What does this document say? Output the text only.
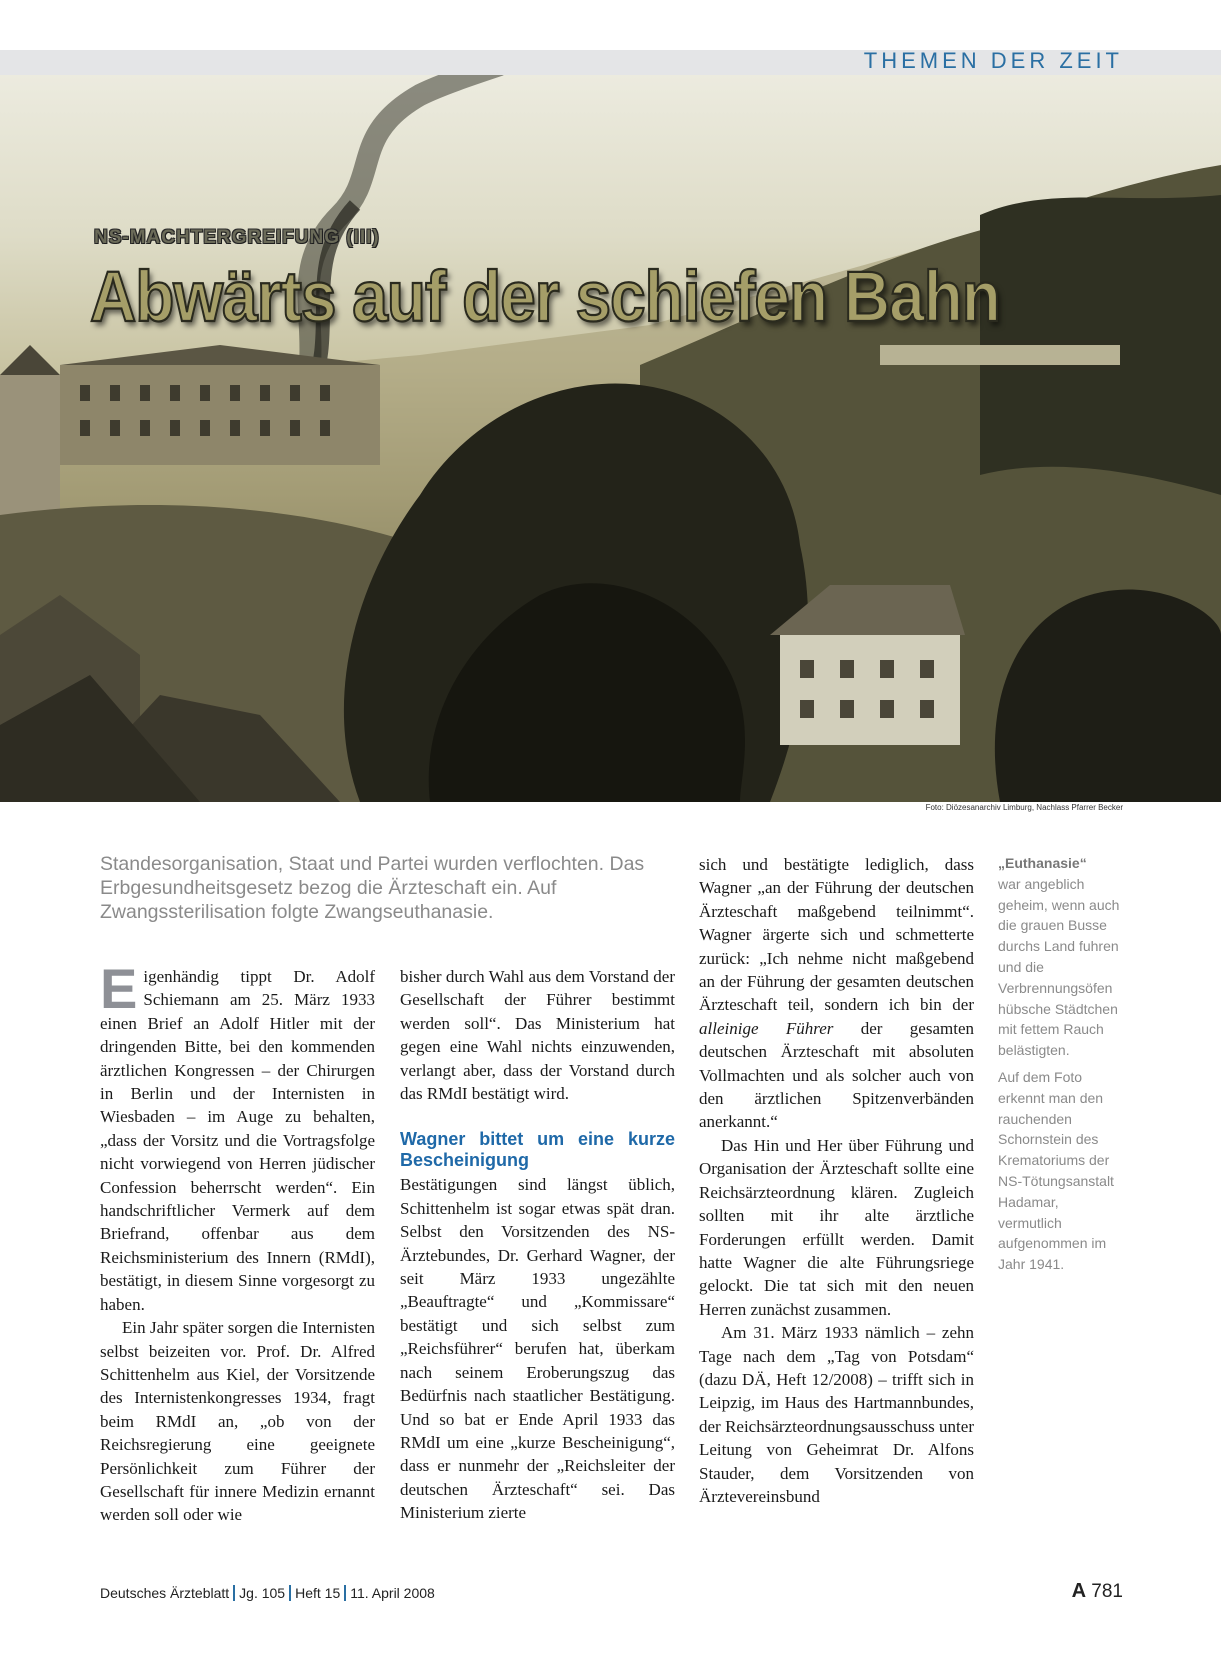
THEMEN DER ZEIT
NS-MACHTERGREIFUNG (III)
Abwärts auf der schiefen Bahn
Foto: Diözesanarchiv Limburg, Nachlass Pfarrer Becker
Standesorganisation, Staat und Partei wurden verflochten. Das Erbgesundheitsgesetz bezog die Ärzteschaft ein. Auf Zwangssterilisation folgte Zwangseuthanasie.

Eigenhändig tippt Dr. Adolf Schiemann am 25. März 1933 einen Brief an Adolf Hitler mit der dringenden Bitte, bei den kommenden ärztlichen Kongressen – der Chirurgen in Berlin und der Internisten in Wiesbaden – im Auge zu behalten, „dass der Vorsitz und die Vortragsfolge nicht vorwiegend von Herren jüdischer Confession beherrscht werden“. Ein handschriftlicher Vermerk auf dem Briefrand, offenbar aus dem Reichsministerium des Innern (RMdI), bestätigt, in diesem Sinne vorgesorgt zu haben.

Ein Jahr später sorgen die Internisten selbst beizeiten vor. Prof. Dr. Alfred Schittenhelm aus Kiel, der Vorsitzende des Internistenkongresses 1934, fragt beim RMdI an, „ob von der Reichsregierung eine geeignete Persönlichkeit zum Führer der Gesellschaft für innere Medizin ernannt werden soll oder wie

bisher durch Wahl aus dem Vorstand der Gesellschaft der Führer bestimmt werden soll“. Das Ministerium hat gegen eine Wahl nichts einzuwenden, verlangt aber, dass der Vorstand durch das RMdI bestätigt wird.

Wagner bittet um eine kurze Bescheinigung

Bestätigungen sind längst üblich, Schittenhelm ist sogar etwas spät dran. Selbst den Vorsitzenden des NS-Ärztebundes, Dr. Gerhard Wagner, der seit März 1933 ungezählte „Beauftragte“ und „Kommissare“ bestätigt und sich selbst zum „Reichsführer“ berufen hat, überkam nach seinem Eroberungszug das Bedürfnis nach staatlicher Bestätigung. Und so bat er Ende April 1933 das RMdI um eine „kurze Bescheinigung“, dass er nunmehr der „Reichsleiter der deutschen Ärzteschaft“ sei. Das Ministerium zierte

sich und bestätigte lediglich, dass Wagner „an der Führung der deutschen Ärzteschaft maßgebend teilnimmt“. Wagner ärgerte sich und schmetterte zurück: „Ich nehme nicht maßgebend an der Führung der gesamten deutschen Ärzteschaft teil, sondern ich bin der alleinige Führer der gesamten deutschen Ärzteschaft mit absoluten Vollmachten und als solcher auch von den ärztlichen Spitzenverbänden anerkannt.“

Das Hin und Her über Führung und Organisation der Ärzteschaft sollte eine Reichsärzteordnung klären. Zugleich sollten mit ihr alte ärztliche Forderungen erfüllt werden. Damit hatte Wagner die alte Führungsriege gelockt. Die tat sich mit den neuen Herren zunächst zusammen.

Am 31. März 1933 nämlich – zehn Tage nach dem „Tag von Potsdam“ (dazu DÄ, Heft 12/2008) – trifft sich in Leipzig, im Haus des Hartmannbundes, der Reichsärzteordnungsausschuss unter Leitung von Geheimrat Dr. Alfons Stauder, dem Vorsitzenden von Ärztevereinsbund

„Euthanasie“

war angeblich geheim, wenn auch die grauen Busse durchs Land fuhren und die Verbrennungsöfen hübsche Städtchen mit fettem Rauch belästigten.

Auf dem Foto erkennt man den rauchenden Schornstein des Krematoriums der NS-Tötungsanstalt Hadamar, vermutlich aufgenommen im Jahr 1941.

Deutsches Ärzteblatt Jg. 105 Heft 15 11. April 2008	A 781
